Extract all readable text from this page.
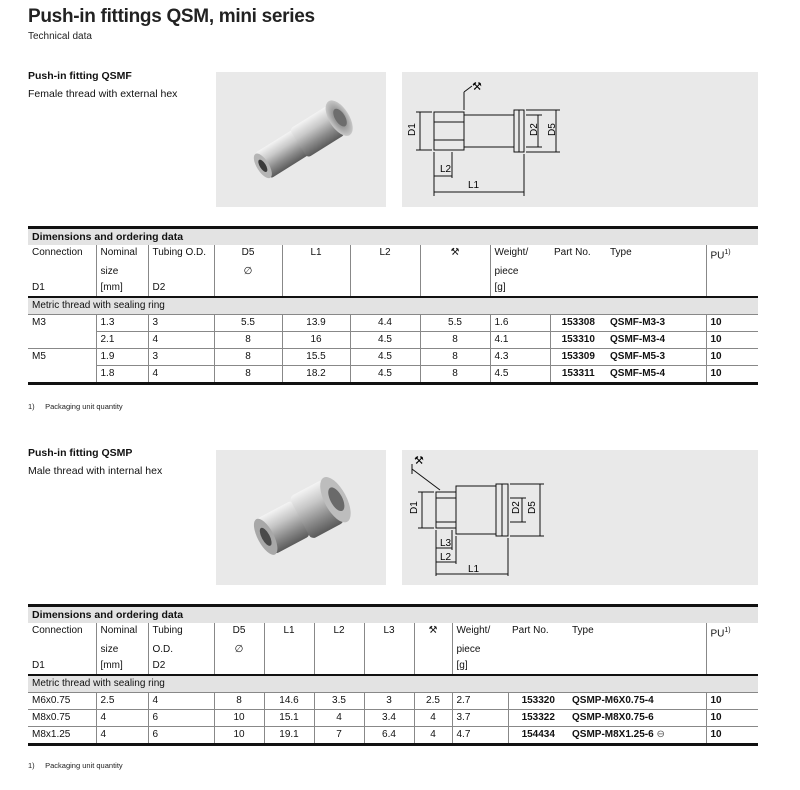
Push-in fittings QSM, mini series
Technical data
Push-in fitting QSMF
Female thread with external hex
⚒
D1	D2 D5
L2
L1
Dimensions and ordering data										
Connection	Nominal	Tubing O.D.	D5	L1	L2	⚒	Weight/	Part No.	Type	PU$^{1)}$
	size		∅				piece			
D1	[mm]	D2					[g]			
Metric thread with sealing ring										
M3	1.3	3	5.5	13.9	4.4	5.5	1.6	153308	QSMF-M3-3	10
	2.1	4	8	16	4.5	8	4.1	153310	QSMF-M3-4	10
M5	1.9	3	8	15.5	4.5	8	4.3	153309	QSMF-M5-3	10
	1.8	4	8	18.2	4.5	8	4.5	153311	QSMF-M5-4	10
1) Packaging unit quantity
Push-in fitting QSMP
Male thread with internal hex
⚒
D1	D2 D5
L3
L2
L1
Dimensions and ordering data											
Connection	Nominal	Tubing	D5	L1	L2	L3	⚒	Weight/	Part No.	Type	PU$^{1)}$
	size	O.D.	∅					piece			
D1	[mm]	D2						[g]			
Metric thread with sealing ring											
M6x0.75	2.5	4	8	14.6	3.5	3	2.5	2.7	153320	QSMP-M6X0.75-4	10
M8x0.75	4	6	10	15.1	4	3.4	4	3.7	153322	QSMP-M8X0.75-6	10
M8x1.25	4	6	10	19.1	7	6.4	4	4.7	154434	QSMP-M8X1.25-6 ⊖	10
1) Packaging unit quantity
